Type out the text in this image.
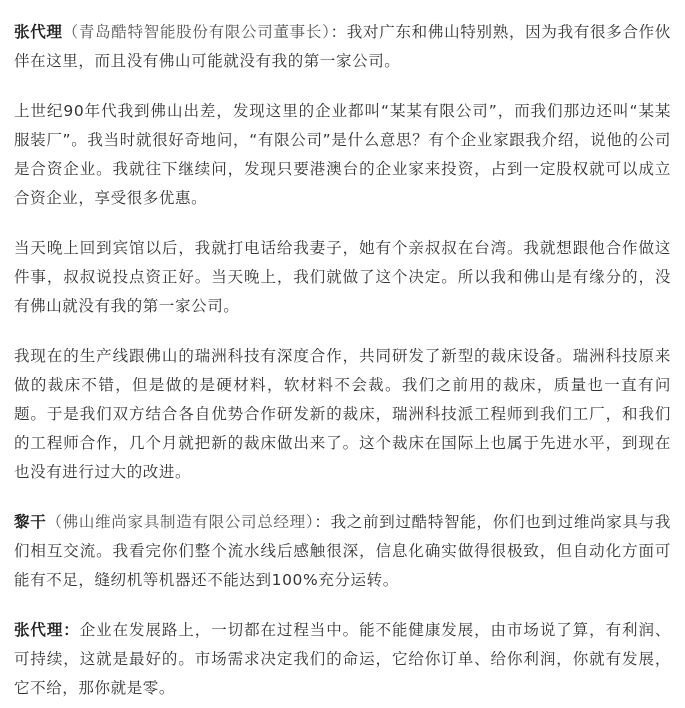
张代理（青岛酷特智能股份有限公司董事长）：我对广东和佛山特别熟，因为我有很多合作伙伴在这里，而且没有佛山可能就没有我的第一家公司。

上世纪90年代我到佛山出差，发现这里的企业都叫“某某有限公司”，而我们那边还叫“某某服装厂”。我当时就很好奇地问，“有限公司”是什么意思？有个企业家跟我介绍，说他的公司是合资企业。我就往下继续问，发现只要港澳台的企业家来投资，占到一定股权就可以成立合资企业，享受很多优惠。

当天晚上回到宾馆以后，我就打电话给我妻子，她有个亲叔叔在台湾。我就想跟他合作做这件事，叔叔说投点资正好。当天晚上，我们就做了这个决定。所以我和佛山是有缘分的，没有佛山就没有我的第一家公司。

我现在的生产线跟佛山的瑞洲科技有深度合作，共同研发了新型的裁床设备。瑞洲科技原来做的裁床不错，但是做的是硬材料，软材料不会裁。我们之前用的裁床，质量也一直有问题。于是我们双方结合各自优势合作研发新的裁床，瑞洲科技派工程师到我们工厂，和我们的工程师合作，几个月就把新的裁床做出来了。这个裁床在国际上也属于先进水平，到现在也没有进行过大的改进。

黎干（佛山维尚家具制造有限公司总经理）：我之前到过酷特智能，你们也到过维尚家具与我们相互交流。我看完你们整个流水线后感触很深，信息化确实做得很极致，但自动化方面可能有不足，缝纫机等机器还不能达到100%充分运转。

张代理：企业在发展路上，一切都在过程当中。能不能健康发展，由市场说了算，有利润、可持续，这就是最好的。市场需求决定我们的命运，它给你订单、给你利润，你就有发展，它不给，那你就是零。
